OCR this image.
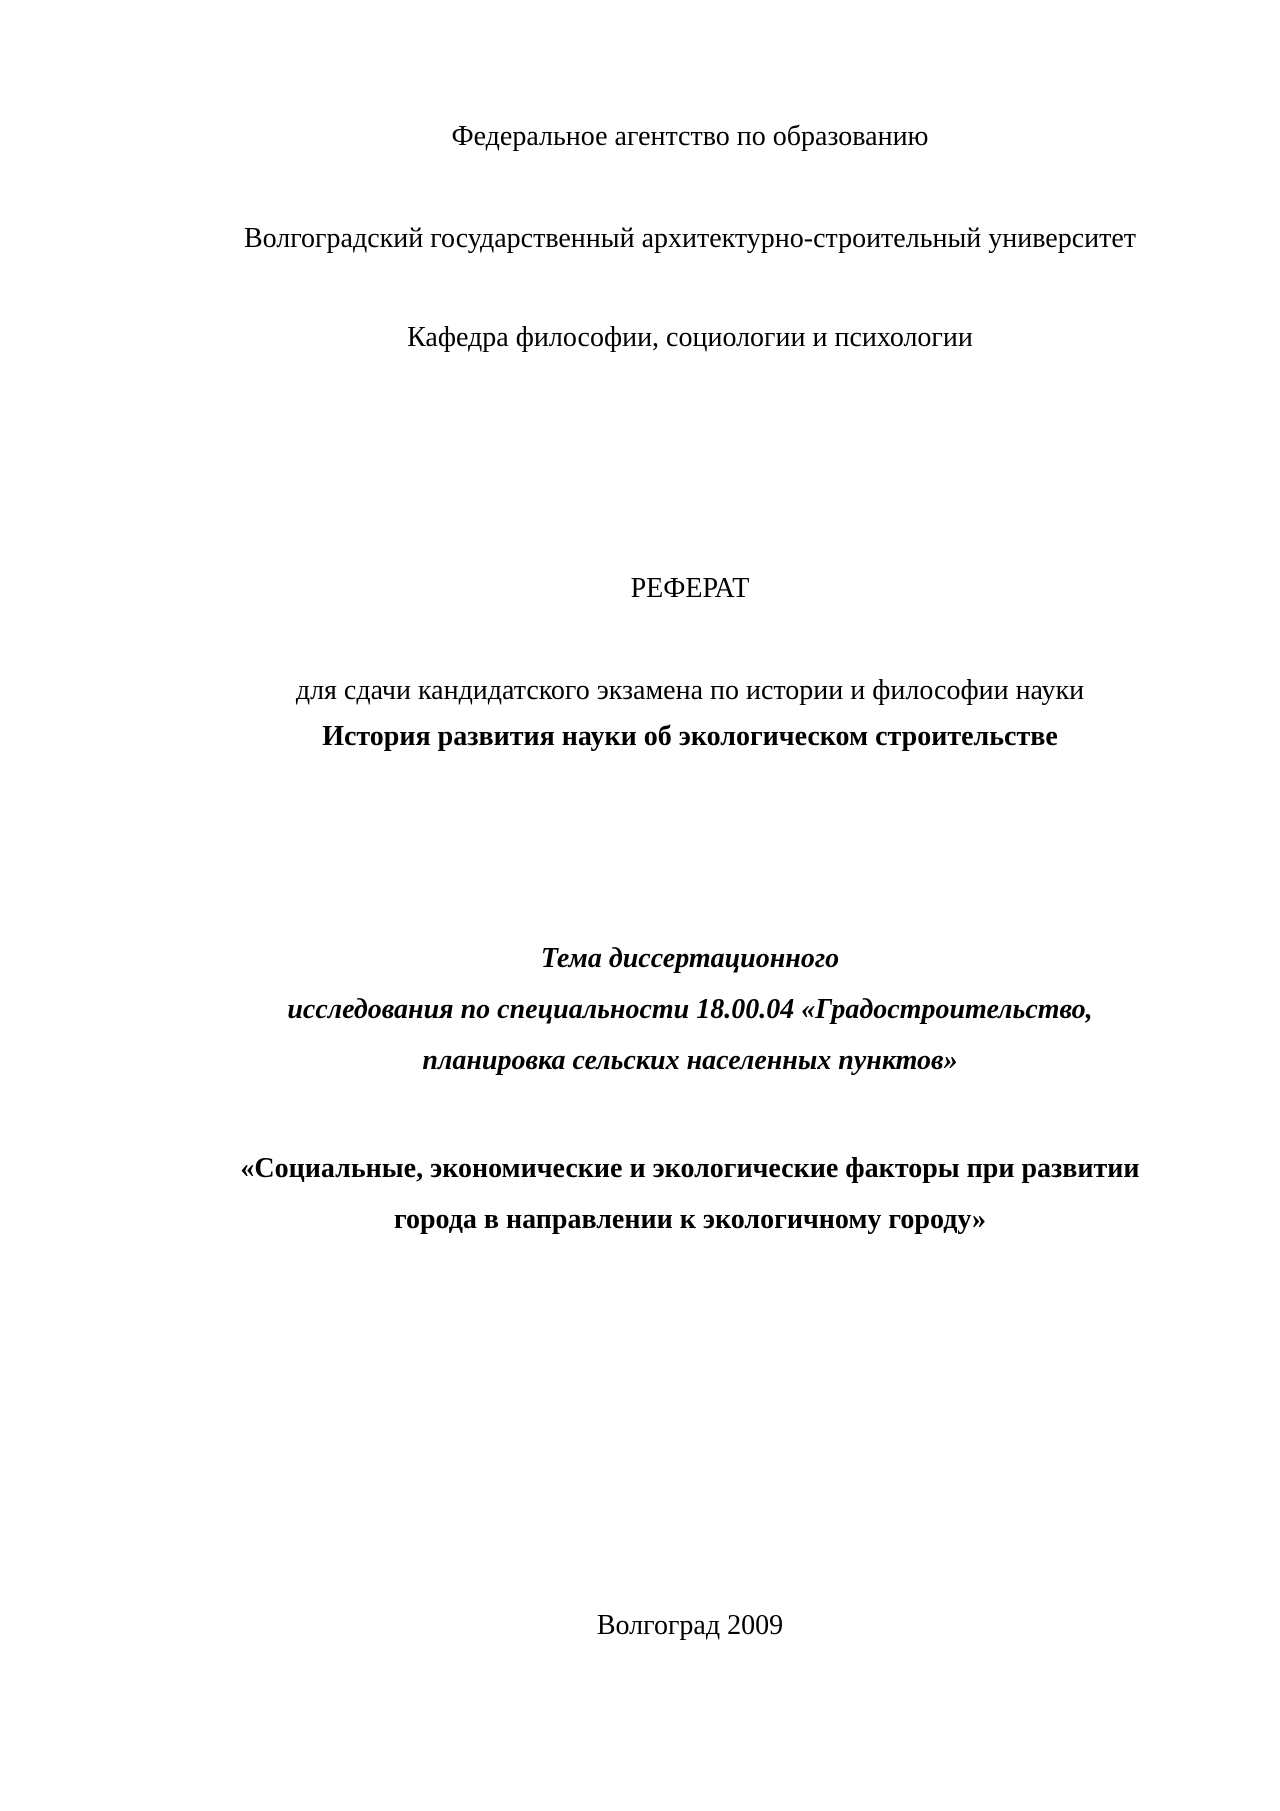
Федеральное агентство по образованию
Волгоградский государственный архитектурно-строительный университет
Кафедра философии, социологии и психологии
РЕФЕРАТ
для сдачи кандидатского экзамена по истории и философии науки
История развития науки об экологическом строительстве
Тема диссертационного
исследования по специальности 18.00.04 «Градостроительство,
планировка сельских населенных пунктов»
«Социальные, экономические и экологические факторы при развитии
города в направлении к экологичному городу»
Волгоград 2009
